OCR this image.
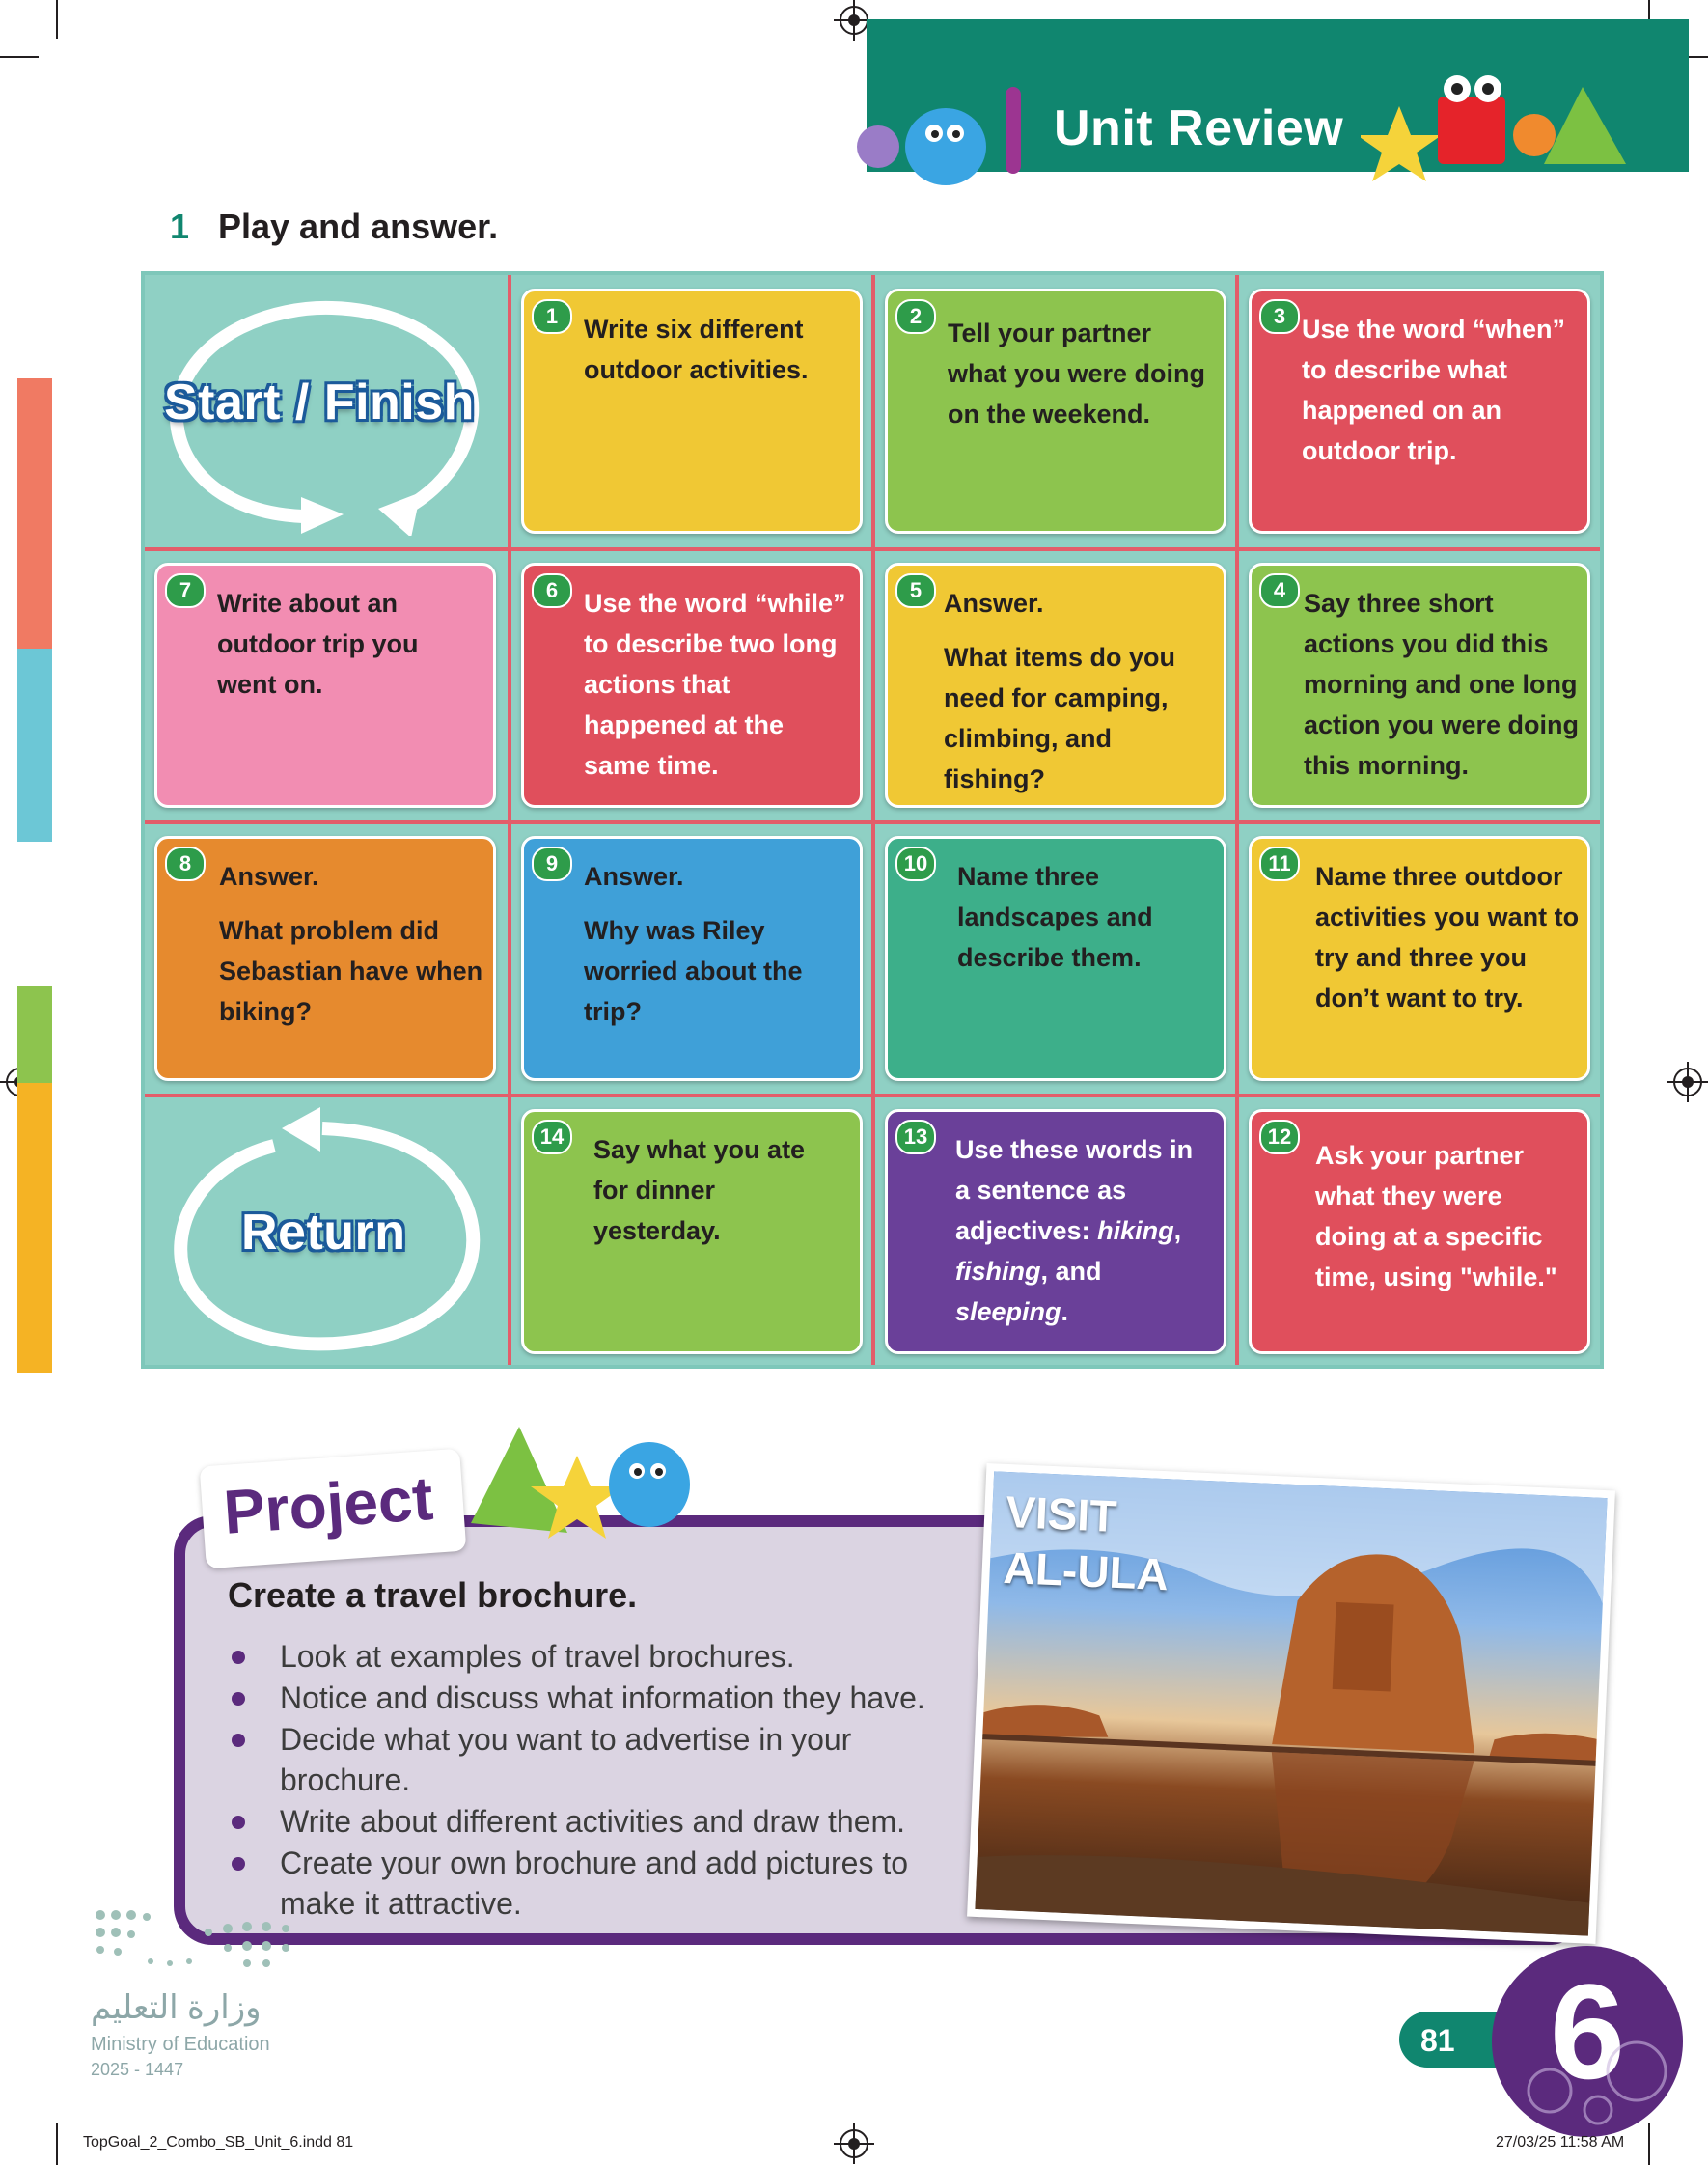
Unit Review
1 Play and answer.
Start / Finish
Return
1 Write six different outdoor activities.

2

Tell your partner what you were doing on the weekend.

3 Use the word “when” to describe what happened on an outdoor trip.

7 Write about an outdoor trip you went on.

6 Use the word “while” to describe two long actions that happened at the same time.

5 Answer.

What items do you need for camping, climbing, and fishing?

4 Say three short actions you did this morning and one long action you were doing this morning.

8	Answer.

What problem did Sebastian have when biking?

9 Answer.

Why was Riley worried about the trip?

10	Name three landscapes and describe them.

11 Name three outdoor activities you want to try and three you don’t want to try.

14	Say what you ate for dinner yesterday.

13	Use these words in a sentence as adjectives: hiking, fishing, and sleeping.

12

Ask your partner what they were doing at a specific time, using "while."

Project
Create a travel brochure.
Look at examples of travel brochures.
Notice and discuss what information they have.
Decide what you want to advertise in your brochure.
Write about different activities and draw them.
Create your own brochure and add pictures to make it attractive.
VISIT
AL-ULA
وزارة التعليم
Ministry of Education
2025 - 1447
81 6
TopGoal_2_Combo_SB_Unit_6.indd 81	27/03/25 11:58 AM
